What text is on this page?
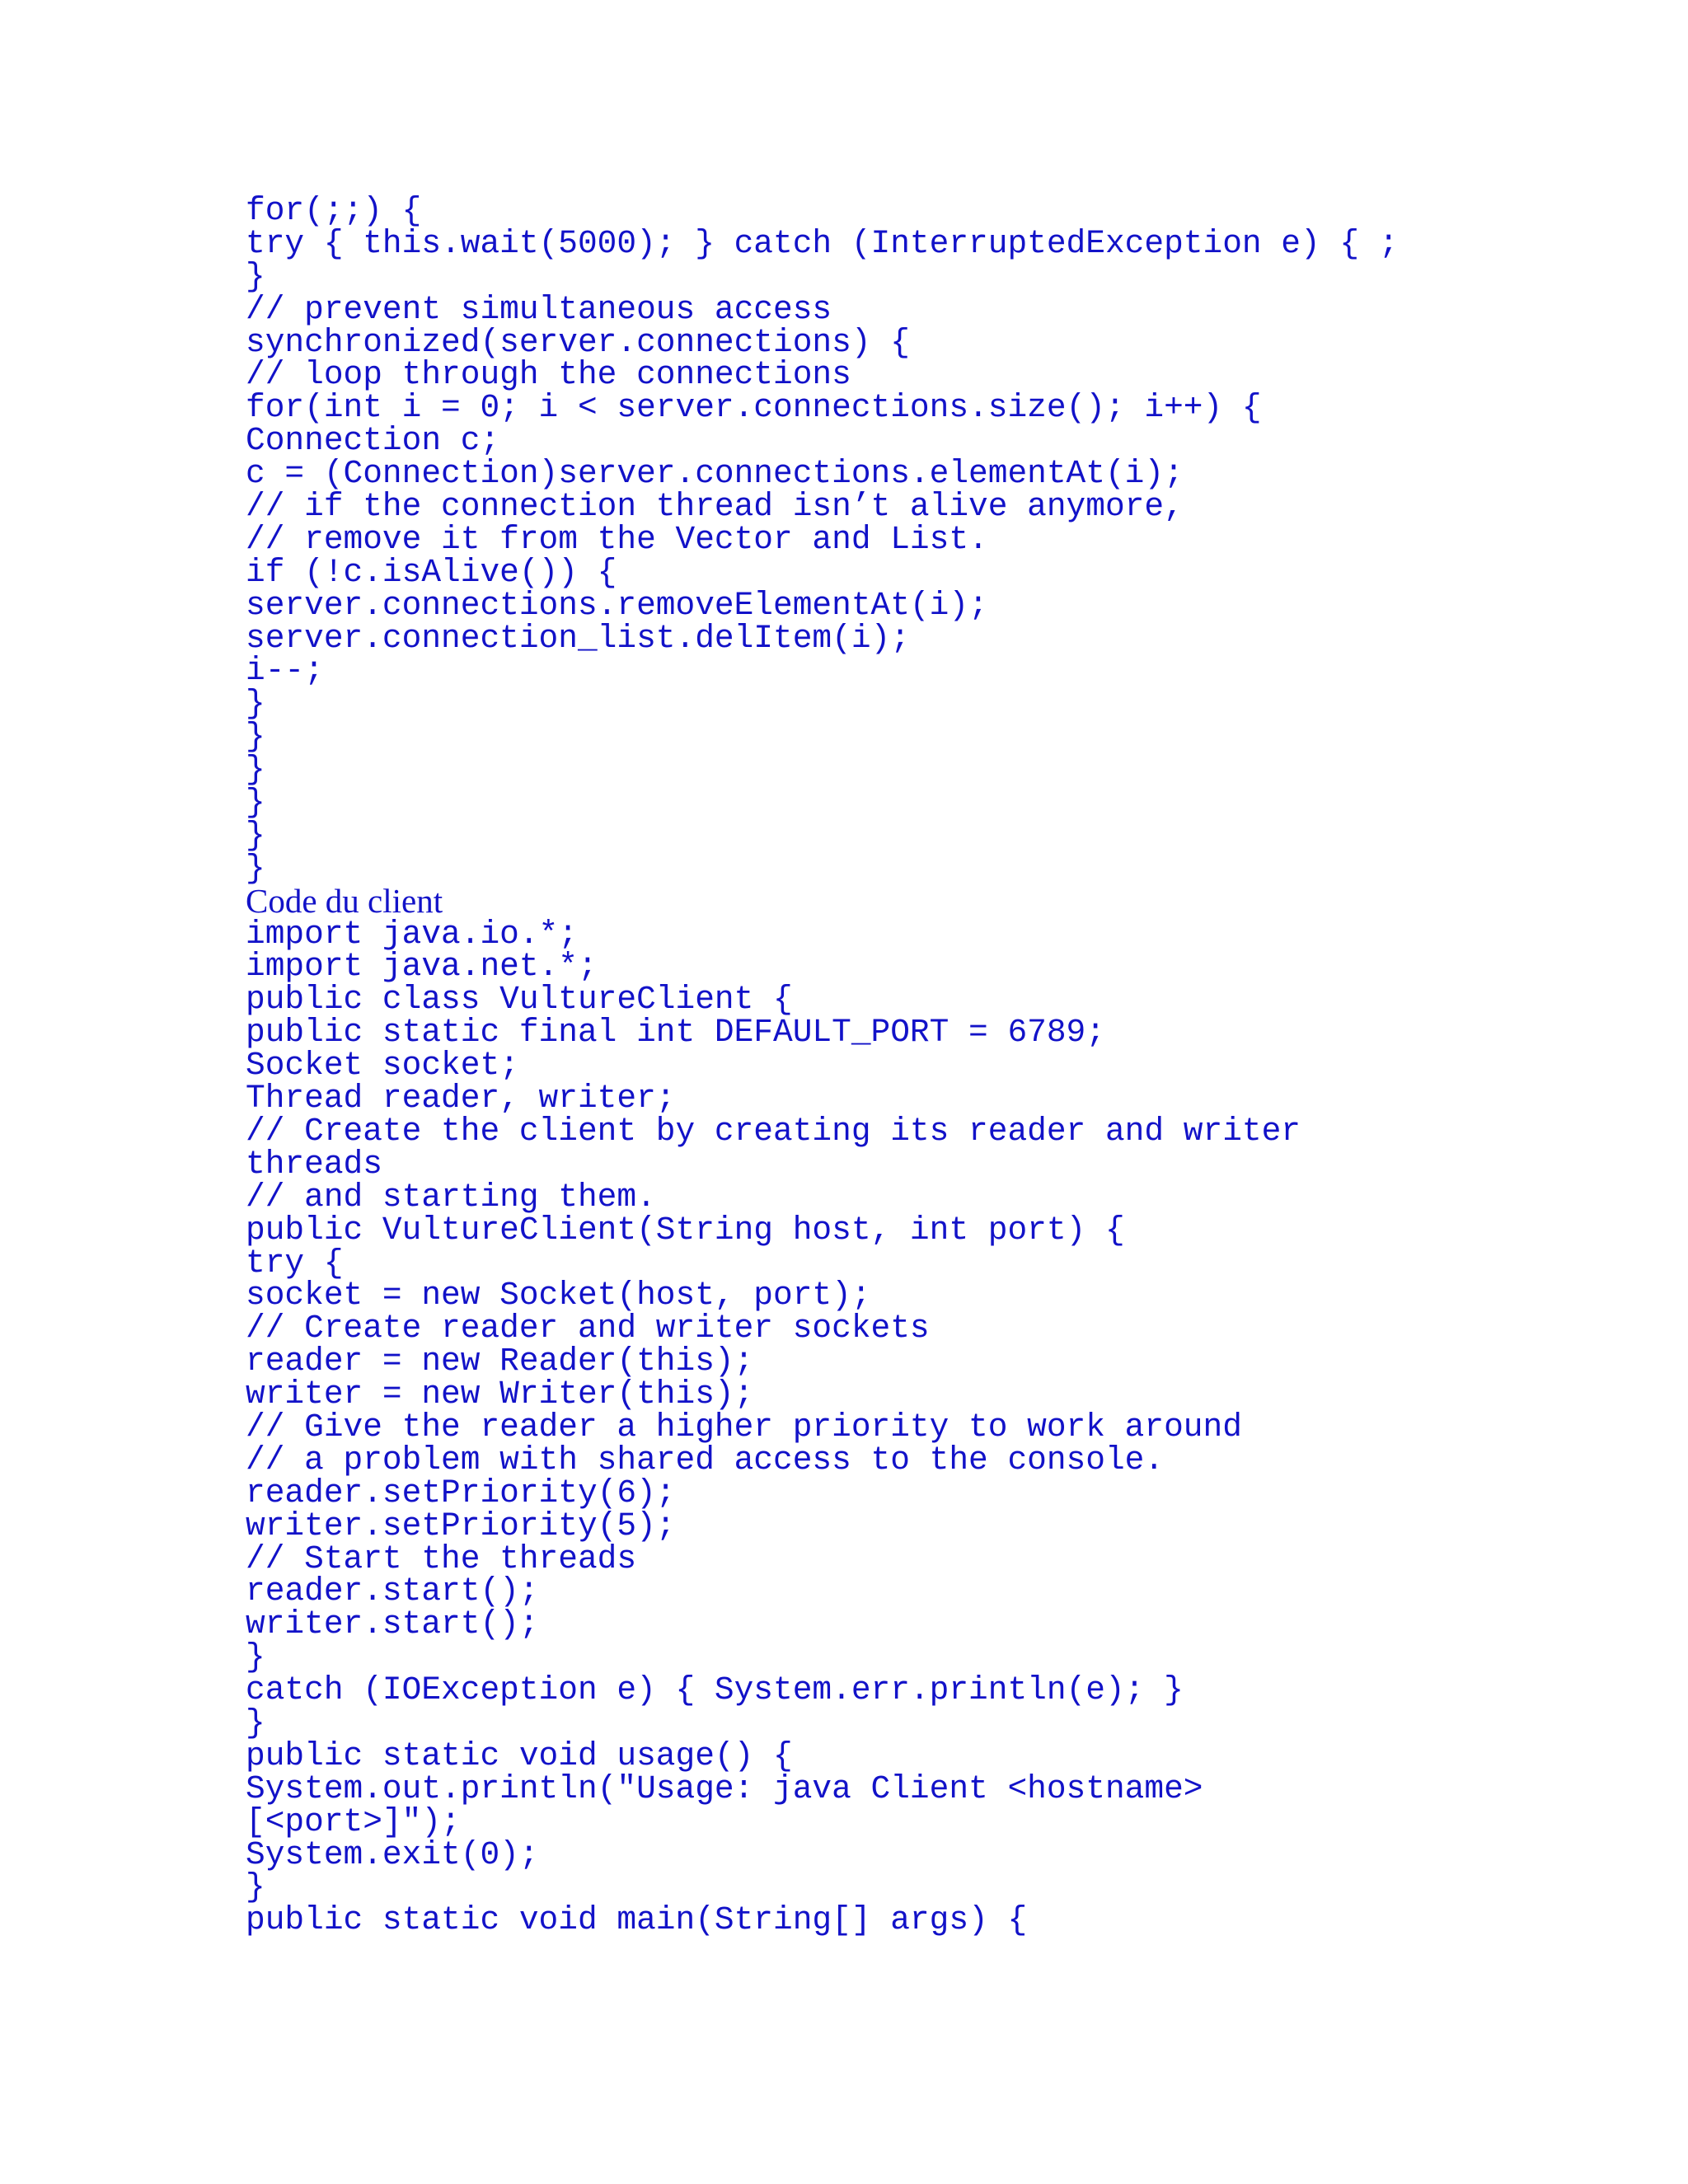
for(;;) {
try { this.wait(5000); } catch (InterruptedException e) { ;
}
// prevent simultaneous access
synchronized(server.connections) {
// loop through the connections
for(int i = 0; i < server.connections.size(); i++) {
Connection c;
c = (Connection)server.connections.elementAt(i);
// if the connection thread isn’t alive anymore,
// remove it from the Vector and List.
if (!c.isAlive()) {
server.connections.removeElementAt(i);
server.connection_list.delItem(i);
i--;
}
}
}
}
}
}
Code du client
import java.io.*;
import java.net.*;
public class VultureClient {
public static final int DEFAULT_PORT = 6789;
Socket socket;
Thread reader, writer;
// Create the client by creating its reader and writer
threads
// and starting them.
public VultureClient(String host, int port) {
try {
socket = new Socket(host, port);
// Create reader and writer sockets
reader = new Reader(this);
writer = new Writer(this);
// Give the reader a higher priority to work around
// a problem with shared access to the console.
reader.setPriority(6);
writer.setPriority(5);
// Start the threads
reader.start();
writer.start();
}
catch (IOException e) { System.err.println(e); }
}
public static void usage() {
System.out.println("Usage: java Client <hostname>
[<port>]");
System.exit(0);
}
public static void main(String[] args) {
